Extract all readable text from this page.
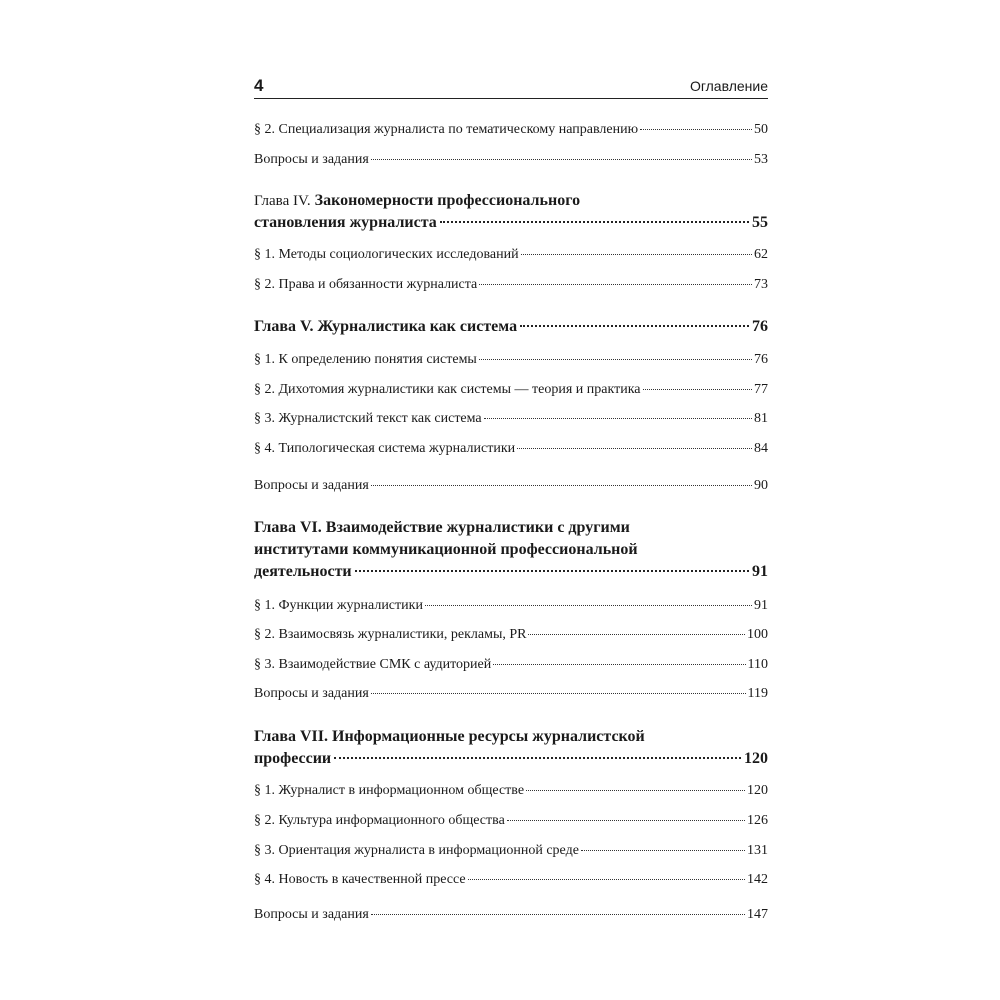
4	Оглавление
§ 2. Специализация журналиста по тематическому направлению	50
Вопросы и задания	53
Глава IV. Закономерности профессионального
становления журналиста	55
§ 1. Методы социологических исследований	62
§ 2. Права и обязанности журналиста	73
Глава V. Журналистика как система	76
§ 1. К определению понятия системы	76
§ 2. Дихотомия журналистики как системы — теория и практика	77
§ 3. Журналистский текст как система	81
§ 4. Типологическая система журналистики	84
Вопросы и задания	90
Глава VI. Взаимодействие журналистики с другими
институтами коммуникационной профессиональной
деятельности	91
§ 1. Функции журналистики	91
§ 2. Взаимосвязь журналистики, рекламы, PR	100
§ 3. Взаимодействие СМК с аудиторией	110
Вопросы и задания	119
Глава VII. Информационные ресурсы журналистской
профессии	120
§ 1. Журналист в информационном обществе	120
§ 2. Культура информационного общества	126
§ 3. Ориентация журналиста в информационной среде	131
§ 4. Новость в качественной прессе	142
Вопросы и задания	147
